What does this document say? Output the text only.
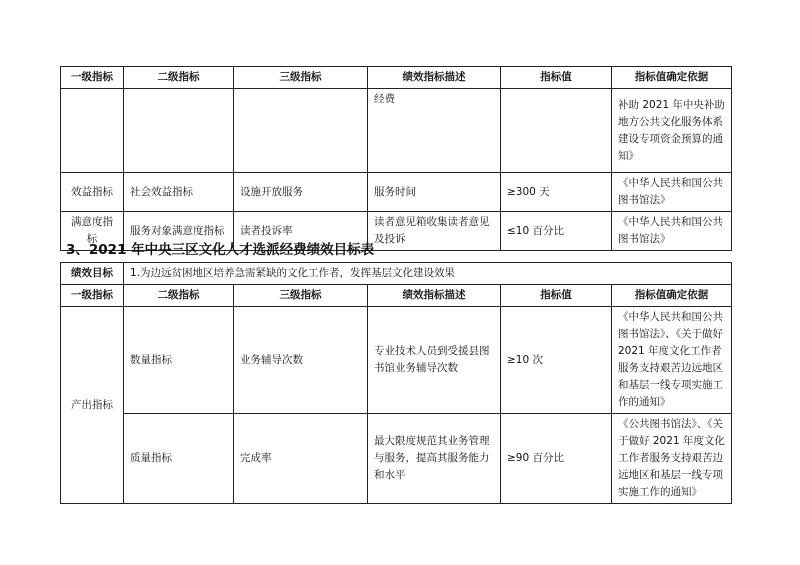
一级指标	二级指标	三级指标	绩效指标描述	指标值	指标值确定依据
			经费		补助 2021 年中央补助地方公共文化服务体系建设专项资金预算的通知》
效益指标	社会效益指标	设施开放服务	服务时间	≥300 天	《中华人民共和国公共图书馆法》
满意度指标	服务对象满意度指标	读者投诉率	读者意见箱收集读者意见及投诉	≤10 百分比	《中华人民共和国公共图书馆法》
3、2021 年中央三区文化人才选派经费绩效目标表
绩效目标	1.为边远贫困地区培养急需紧缺的文化工作者，发挥基层文化建设效果				
一级指标	二级指标	三级指标	绩效指标描述	指标值	指标值确定依据
产出指标	数量指标	业务辅导次数	专业技术人员到受援县图书馆业务辅导次数	≥10 次	《中华人民共和国公共图书馆法》、《关于做好 2021 年度文化工作者服务支持艰苦边远地区和基层一线专项实施工作的通知》
	质量指标	完成率	最大限度规范其业务管理与服务，提高其服务能力和水平	≥90 百分比	《公共图书馆法》、《关于做好 2021 年度文化工作者服务支持艰苦边远地区和基层一线专项实施工作的通知》
